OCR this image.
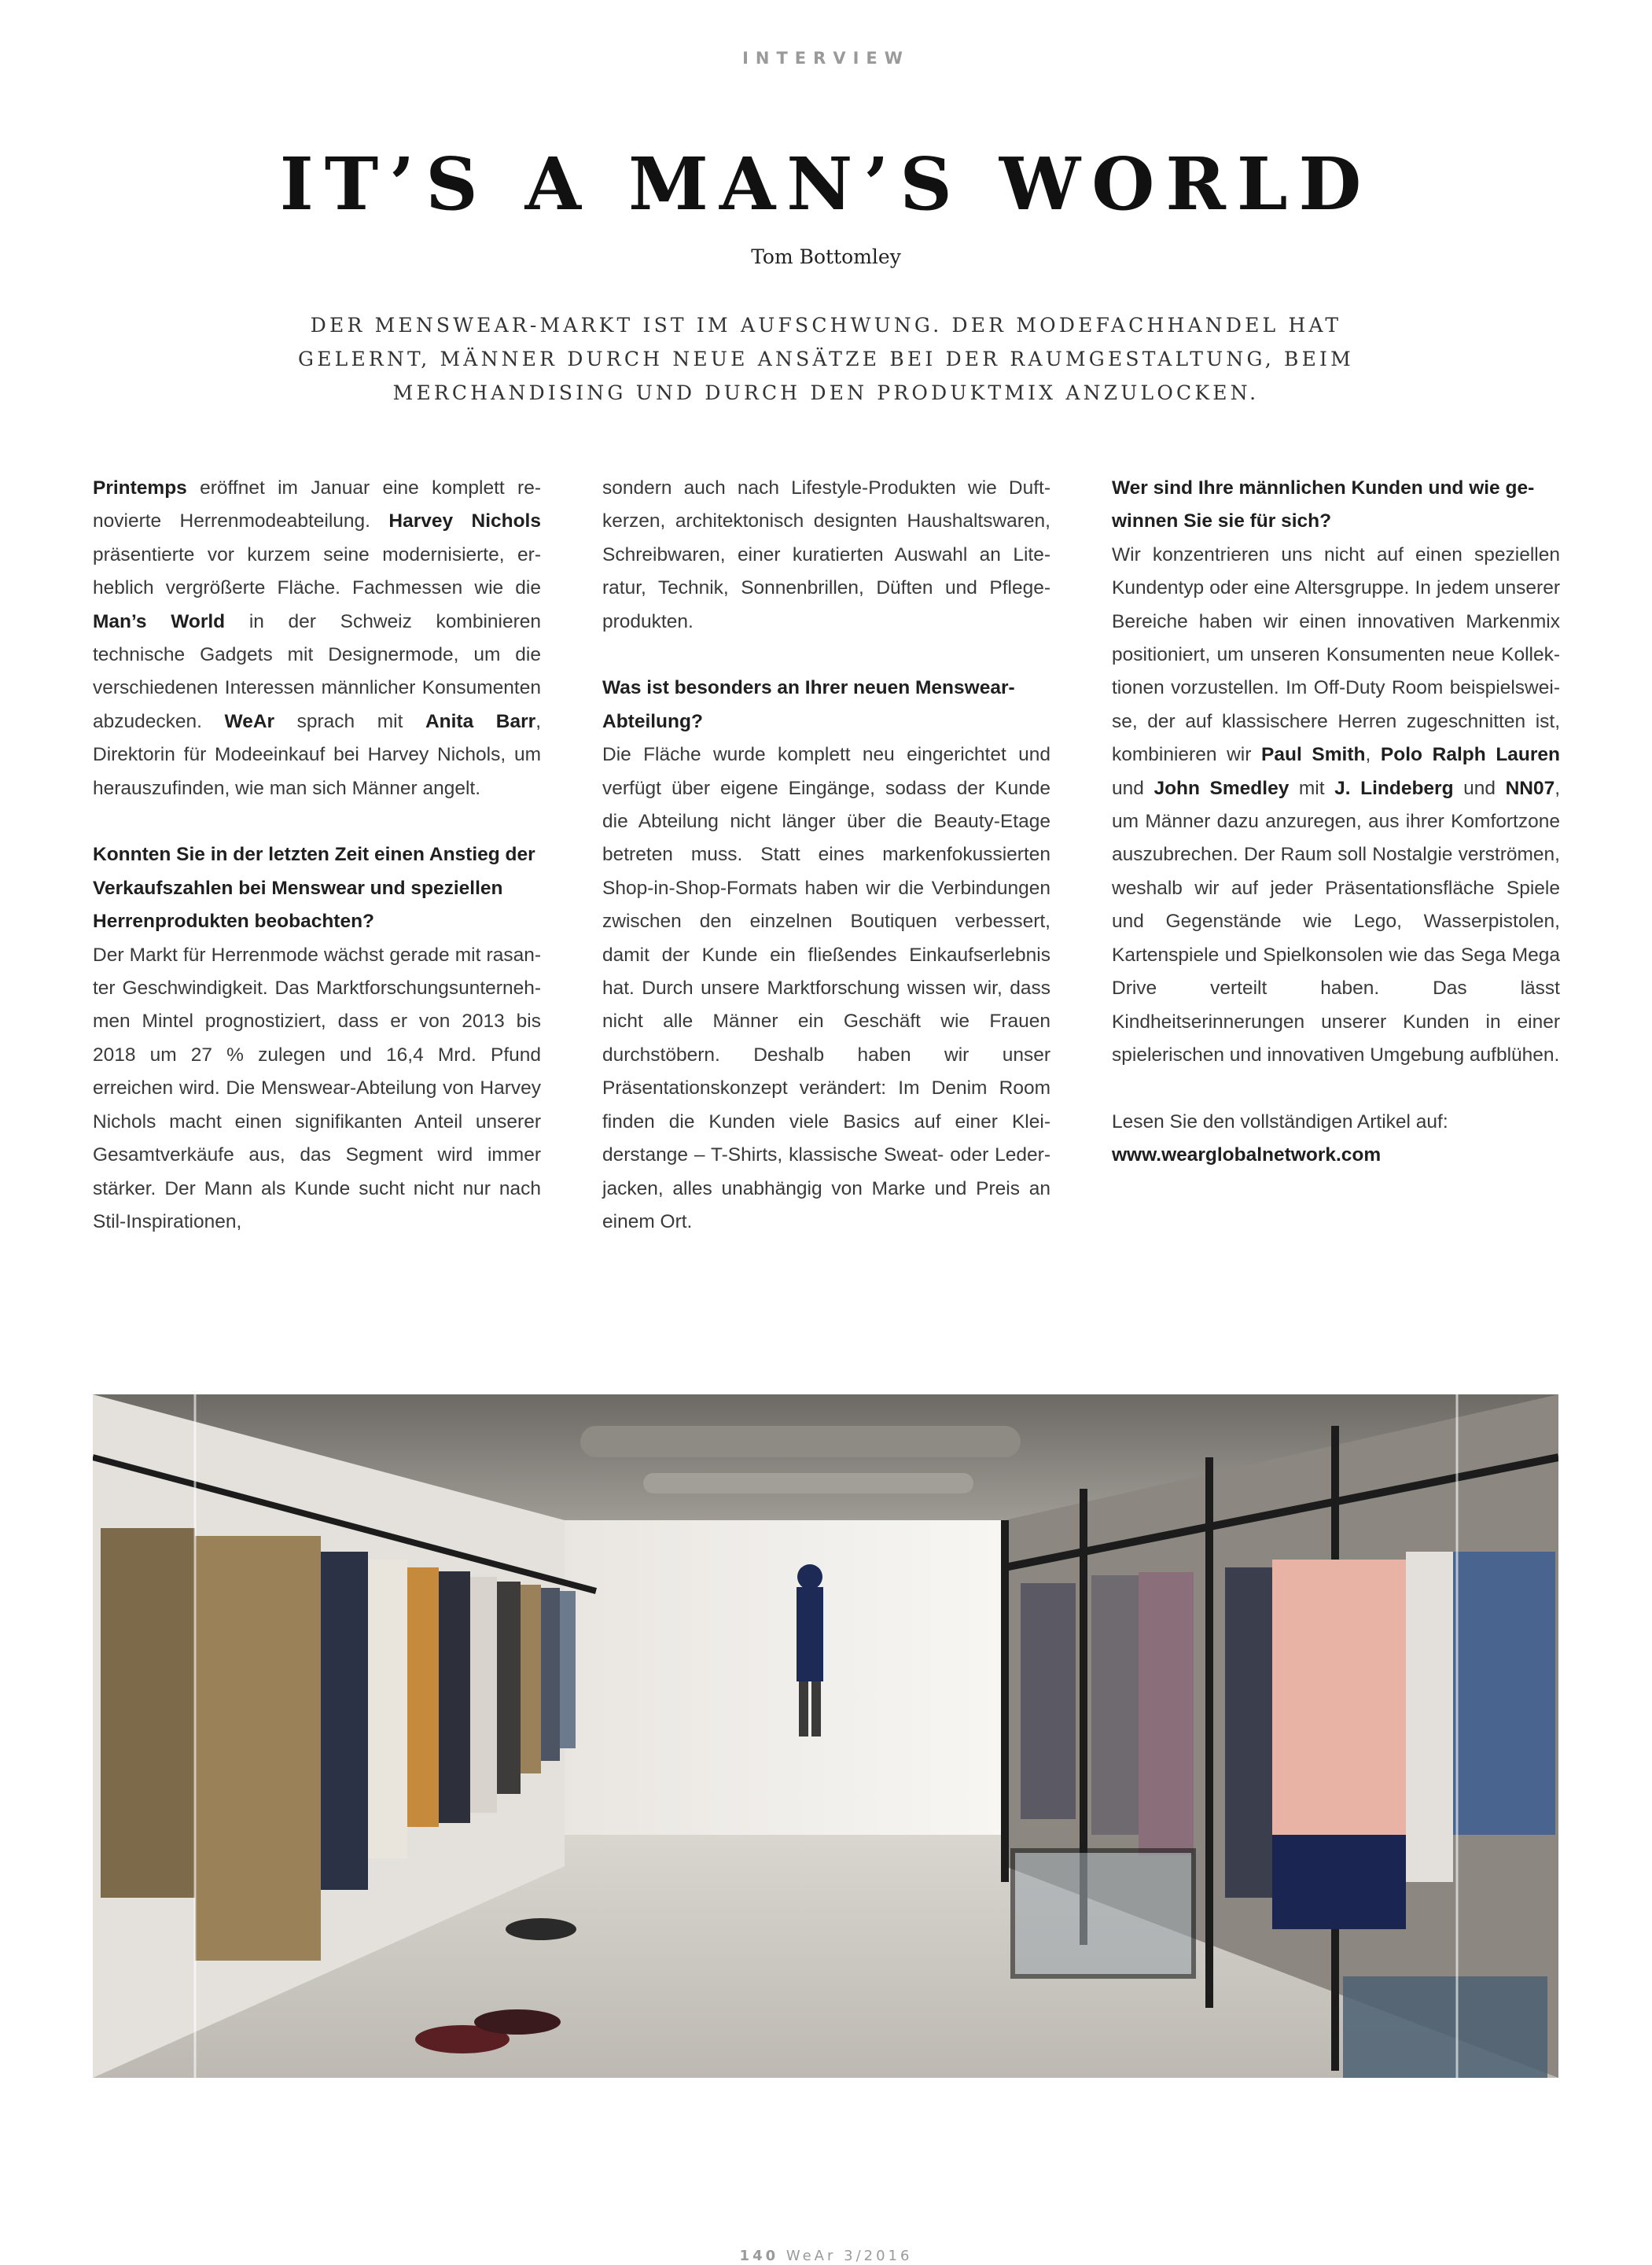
INTERVIEW
IT’S A MAN’S WORLD
Tom Bottomley
DER MENSWEAR-MARKT IST IM AUFSCHWUNG. DER MODEFACHHANDEL HAT GELERNT, MÄNNER DURCH NEUE ANSÄTZE BEI DER RAUMGESTALTUNG, BEIM MERCHANDISING UND DURCH DEN PRODUKTMIX ANZULOCKEN.

Printemps eröffnet im Januar eine komplett renovierte Herrenmodeabteilung. Harvey Nichols präsentierte vor kurzem seine modernisierte, erheblich vergrößerte Fläche. Fachmessen wie die Man’s World in der Schweiz kombinieren technische Gadgets mit Designermode, um die verschiedenen Interessen männlicher Konsumenten abzudecken. WeAr sprach mit Anita Barr, Direktorin für Modeeinkauf bei Harvey Nichols, um herauszufinden, wie man sich Männer angelt.

Konnten Sie in der letzten Zeit einen Anstieg der Verkaufszahlen bei Menswear und speziellen Herrenprodukten beobachten?

Der Markt für Herrenmode wächst gerade mit rasanter Geschwindigkeit. Das Marktforschungsunternehmen Mintel prognostiziert, dass er von 2013 bis 2018 um 27 % zulegen und 16,4 Mrd. Pfund erreichen wird. Die Menswear-Abteilung von Harvey Nichols macht einen signifikanten Anteil unserer Gesamtverkäufe aus, das Segment wird immer stärker. Der Mann als Kunde sucht nicht nur nach Stil-Inspirationen,

sondern auch nach Lifestyle-Produkten wie Duftkerzen, architektonisch designten Haushaltswaren, Schreibwaren, einer kuratierten Auswahl an Literatur, Technik, Sonnenbrillen, Düften und Pflegeprodukten.

Was ist besonders an Ihrer neuen Menswear-Abteilung?

Die Fläche wurde komplett neu eingerichtet und verfügt über eigene Eingänge, sodass der Kunde die Abteilung nicht länger über die Beauty-Etage betreten muss. Statt eines markenfokussierten Shop-in-Shop-Formats haben wir die Verbindungen zwischen den einzelnen Boutiquen verbessert, damit der Kunde ein fließendes Einkaufserlebnis hat. Durch unsere Marktforschung wissen wir, dass nicht alle Männer ein Geschäft wie Frauen durchstöbern. Deshalb haben wir unser Präsentationskonzept verändert: Im Denim Room finden die Kunden viele Basics auf einer Kleiderstange – T-Shirts, klassische Sweat- oder Lederjacken, alles unabhängig von Marke und Preis an einem Ort.

Wer sind Ihre männlichen Kunden und wie gewinnen Sie sie für sich?

Wir konzentrieren uns nicht auf einen speziellen Kundentyp oder eine Altersgruppe. In jedem unserer Bereiche haben wir einen innovativen Markenmix positioniert, um unseren Konsumenten neue Kollektionen vorzustellen. Im Off-Duty Room beispielsweise, der auf klassischere Herren zugeschnitten ist, kombinieren wir Paul Smith, Polo Ralph Lauren und John Smedley mit J. Lindeberg und NN07, um Männer dazu anzuregen, aus ihrer Komfortzone auszubrechen. Der Raum soll Nostalgie verströmen, weshalb wir auf jeder Präsentationsfläche Spiele und Gegenstände wie Lego, Wasserpistolen, Kartenspiele und Spielkonsolen wie das Sega Mega Drive verteilt haben. Das lässt Kindheitserinnerungen unserer Kunden in einer spielerischen und innovativen Umgebung aufblühen.

Lesen Sie den vollständigen Artikel auf:

www.wearglobalnetwork.com

140 WeAr 3/2016
